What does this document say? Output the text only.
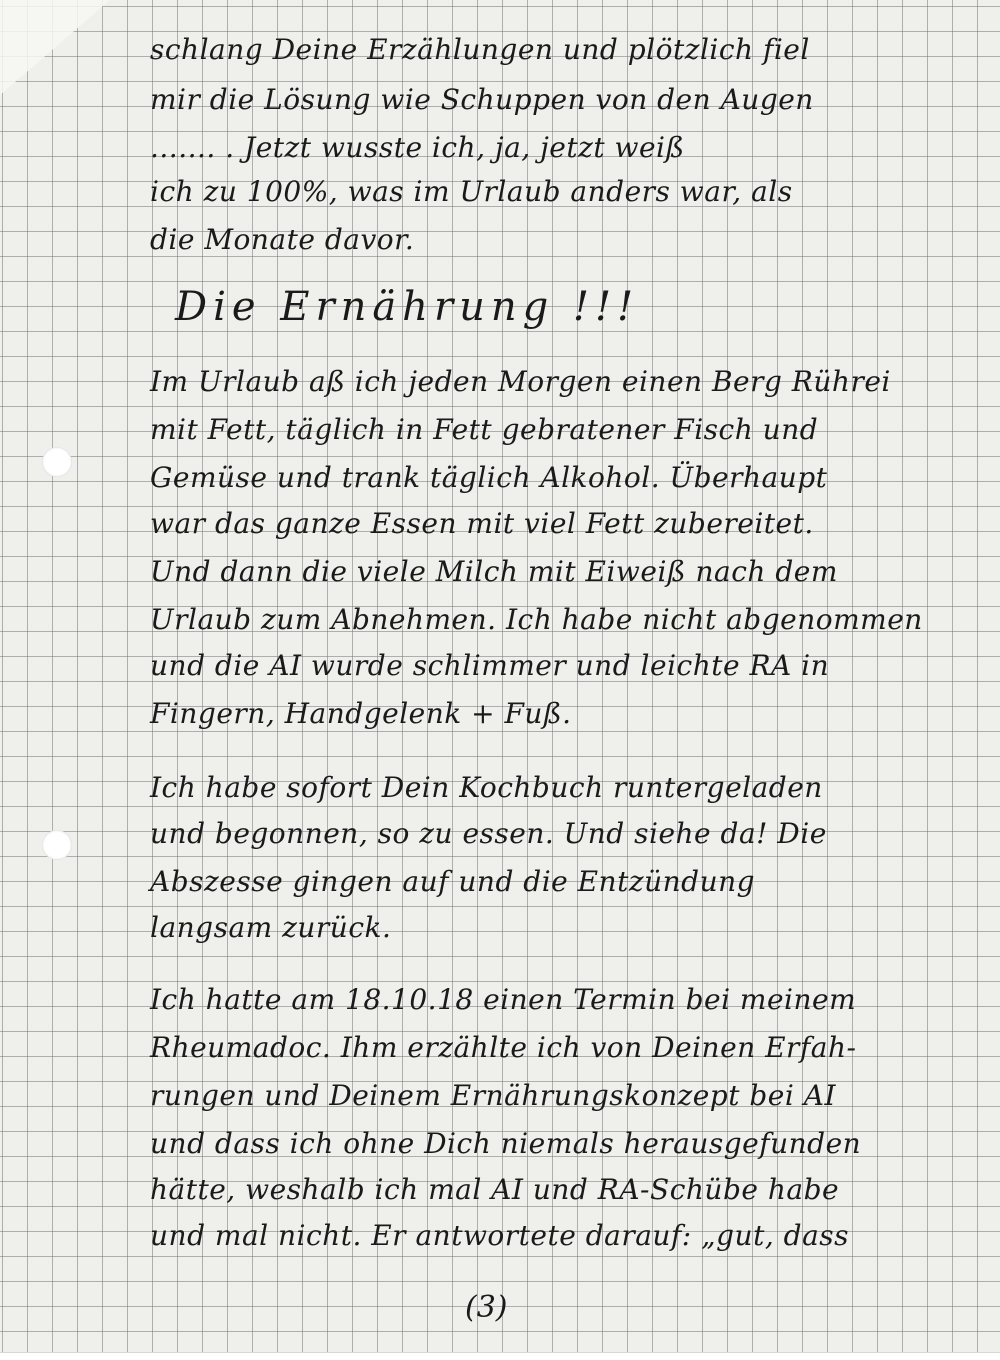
schlang Deine Erzählungen und plötzlich fiel
mir die Lösung wie Schuppen von den Augen
....... . Jetzt wusste ich, ja, jetzt weiß
ich zu 100%, was im Urlaub anders war, als
die Monate davor.
Die Ernährung !!!
Im Urlaub aß ich jeden Morgen einen Berg Rührei
mit Fett, täglich in Fett gebratener Fisch und
Gemüse und trank täglich Alkohol. Überhaupt
war das ganze Essen mit viel Fett zubereitet.
Und dann die viele Milch mit Eiweiß nach dem
Urlaub zum Abnehmen. Ich habe nicht abgenommen
und die AI wurde schlimmer und leichte RA in
Fingern, Handgelenk + Fuß.
Ich habe sofort Dein Kochbuch runtergeladen
und begonnen, so zu essen. Und siehe da! Die
Abszesse gingen auf und die Entzündung
langsam zurück.
Ich hatte am 18.10.18 einen Termin bei meinem
Rheumadoc. Ihm erzählte ich von Deinen Erfah-
rungen und Deinem Ernährungskonzept bei AI
und dass ich ohne Dich niemals herausgefunden
hätte, weshalb ich mal AI und RA-Schübe habe
und mal nicht. Er antwortete darauf: „gut, dass
(3)
